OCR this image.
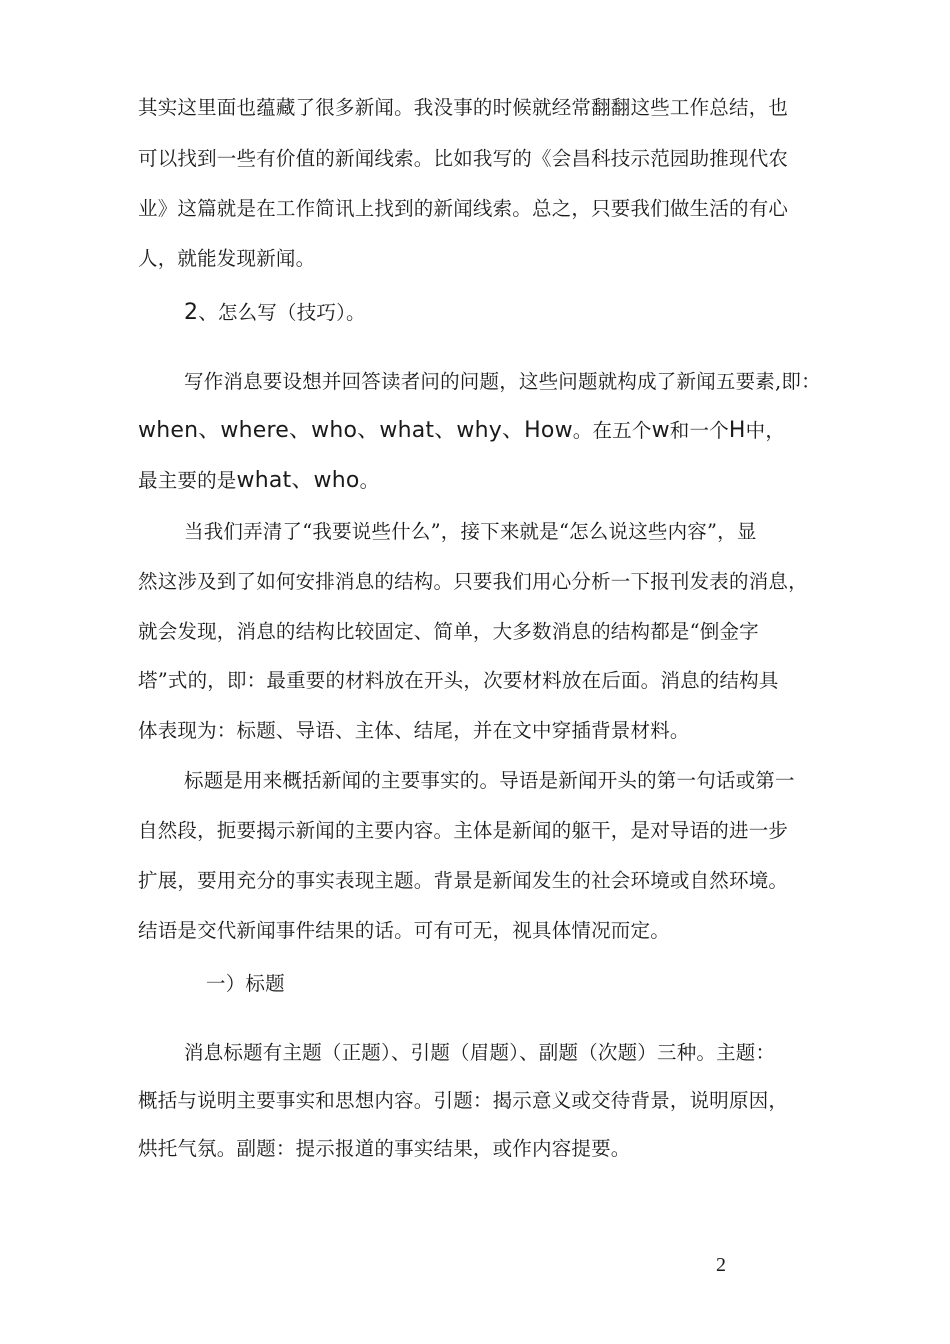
其实这里面也蕴藏了很多新闻。我没事的时候就经常翻翻这些工作总结，也
可以找到一些有价值的新闻线索。比如我写的《会昌科技示范园助推现代农
业》这篇就是在工作简讯上找到的新闻线索。总之，只要我们做生活的有心
人，就能发现新闻。
2、怎么写（技巧）。
写作消息要设想并回答读者问的问题，这些问题就构成了新闻五要素,即：
when、where、who、what、why、How。在五个w和一个H中，
最主要的是what、who。
当我们弄清了“我要说些什么”，接下来就是“怎么说这些内容”，显
然这涉及到了如何安排消息的结构。只要我们用心分析一下报刊发表的消息，
就会发现，消息的结构比较固定、简单，大多数消息的结构都是“倒金字
塔”式的，即：最重要的材料放在开头，次要材料放在后面。消息的结构具
体表现为：标题、导语、主体、结尾，并在文中穿插背景材料。
标题是用来概括新闻的主要事实的。导语是新闻开头的第一句话或第一
自然段，扼要揭示新闻的主要内容。主体是新闻的躯干，是对导语的进一步
扩展，要用充分的事实表现主题。背景是新闻发生的社会环境或自然环境。
结语是交代新闻事件结果的话。可有可无，视具体情况而定。
一）标题
消息标题有主题（正题）、引题（眉题）、副题（次题）三种。主题：
概括与说明主要事实和思想内容。引题：揭示意义或交待背景，说明原因，
烘托气氛。副题：提示报道的事实结果，或作内容提要。
2
